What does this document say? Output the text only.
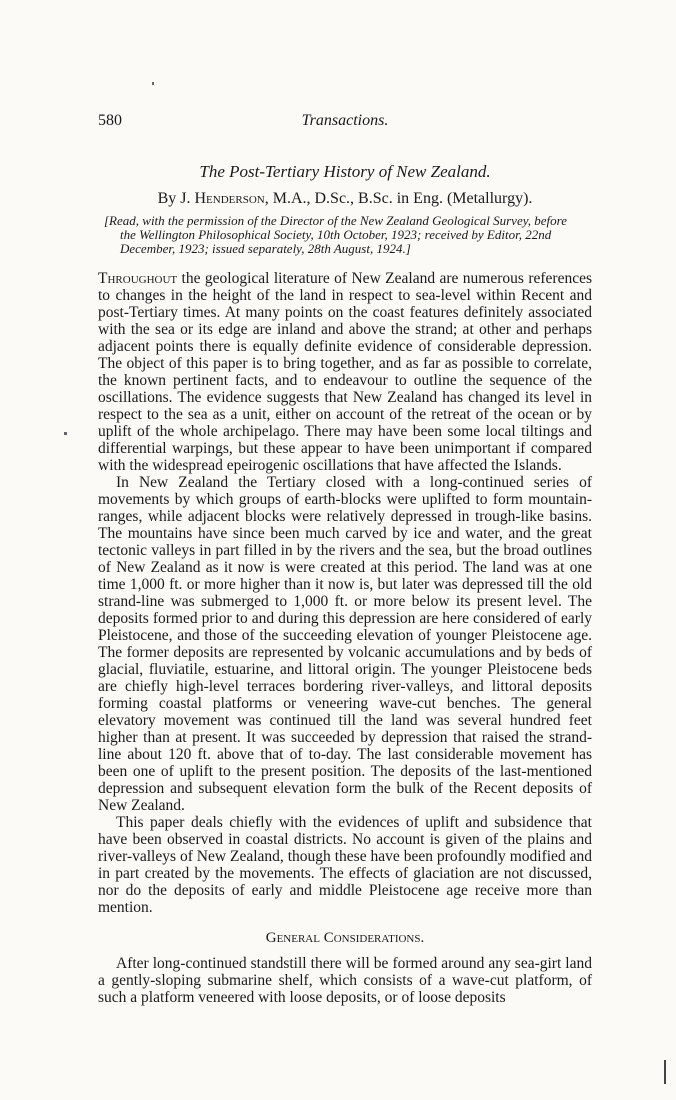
580	Transactions.
The Post-Tertiary History of New Zealand.
By J. Henderson, M.A., D.Sc., B.Sc. in Eng. (Metallurgy).
[Read, with the permission of the Director of the New Zealand Geological Survey, before
the Wellington Philosophical Society, 10th October, 1923; received by Editor, 22nd
December, 1923; issued separately, 28th August, 1924.]

Throughout the geological literature of New Zealand are numerous references to changes in the height of the land in respect to sea-level within Recent and post-Tertiary times. At many points on the coast features definitely associated with the sea or its edge are inland and above the strand; at other and perhaps adjacent points there is equally definite evidence of considerable depression. The object of this paper is to bring together, and as far as possible to correlate, the known pertinent facts, and to endeavour to outline the sequence of the oscillations. The evidence suggests that New Zealand has changed its level in respect to the sea as a unit, either on account of the retreat of the ocean or by uplift of the whole archipelago. There may have been some local tiltings and differential warpings, but these appear to have been unimportant if compared with the widespread epeirogenic oscillations that have affected the Islands.

In New Zealand the Tertiary closed with a long-continued series of movements by which groups of earth-blocks were uplifted to form mountain-ranges, while adjacent blocks were relatively depressed in trough-like basins. The mountains have since been much carved by ice and water, and the great tectonic valleys in part filled in by the rivers and the sea, but the broad outlines of New Zealand as it now is were created at this period. The land was at one time 1,000 ft. or more higher than it now is, but later was depressed till the old strand-line was submerged to 1,000 ft. or more below its present level. The deposits formed prior to and during this depression are here considered of early Pleistocene, and those of the succeeding elevation of younger Pleistocene age. The former deposits are represented by volcanic accumulations and by beds of glacial, fluviatile, estuarine, and littoral origin. The younger Pleistocene beds are chiefly high-level terraces bordering river-valleys, and littoral deposits forming coastal platforms or veneering wave-cut benches. The general elevatory movement was continued till the land was several hundred feet higher than at present. It was succeeded by depression that raised the strand-line about 120 ft. above that of to-day. The last considerable movement has been one of uplift to the present position. The deposits of the last-mentioned depression and subsequent elevation form the bulk of the Recent deposits of New Zealand.

This paper deals chiefly with the evidences of uplift and subsidence that have been observed in coastal districts. No account is given of the plains and river-valleys of New Zealand, though these have been profoundly modified and in part created by the movements. The effects of glaciation are not discussed, nor do the deposits of early and middle Pleistocene age receive more than mention.

General Considerations.

After long-continued standstill there will be formed around any sea-girt land a gently-sloping submarine shelf, which consists of a wave-cut platform, of such a platform veneered with loose deposits, or of loose deposits
